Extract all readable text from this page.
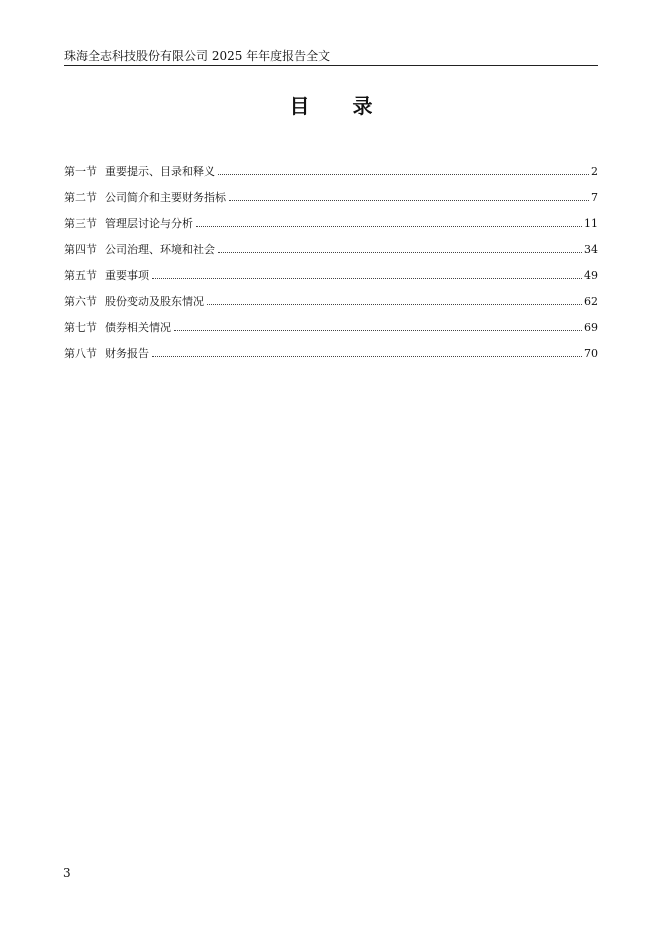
珠海全志科技股份有限公司 2025 年年度报告全文
目 录
第一节 重要提示、目录和释义	2
第二节 公司简介和主要财务指标	7
第三节 管理层讨论与分析	11
第四节 公司治理、环境和社会	34
第五节 重要事项	49
第六节 股份变动及股东情况	62
第七节 债券相关情况	69
第八节 财务报告	70
3
